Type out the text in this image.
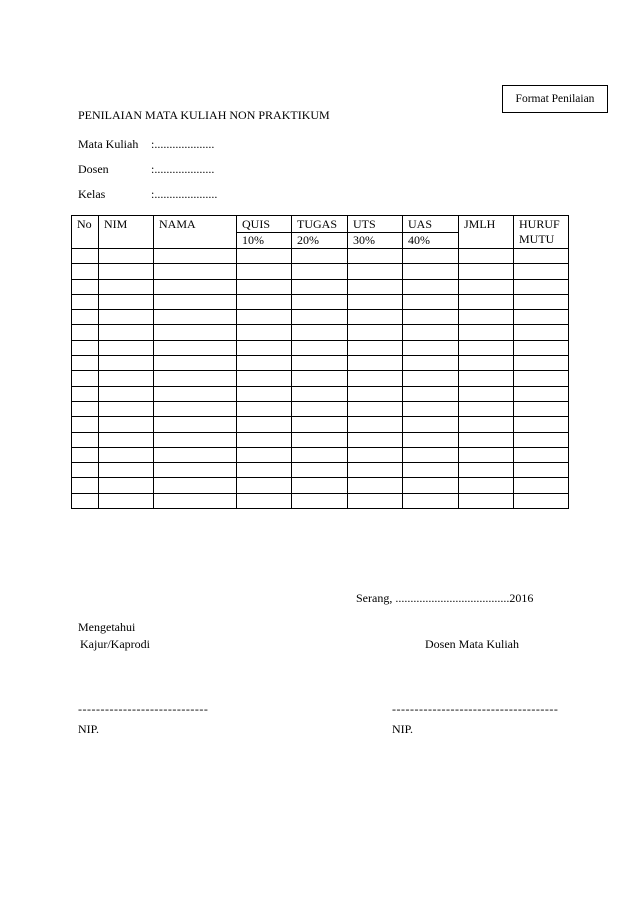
Format Penilaian
PENILAIAN MATA KULIAH NON PRAKTIKUM
Mata Kuliah :....................
Dosen	:....................
Kelas	:.....................
No	NIM	NAMA	QUIS	TUGAS	UTS	UAS	JMLH	HURUF
MUTU
			10%	20%	30%	40%		

Serang, ......................................2016
Mengetahui
Kajur/Kaprodi	Dosen Mata Kuliah
-----------------------------	-------------------------------------
NIP.	NIP.
